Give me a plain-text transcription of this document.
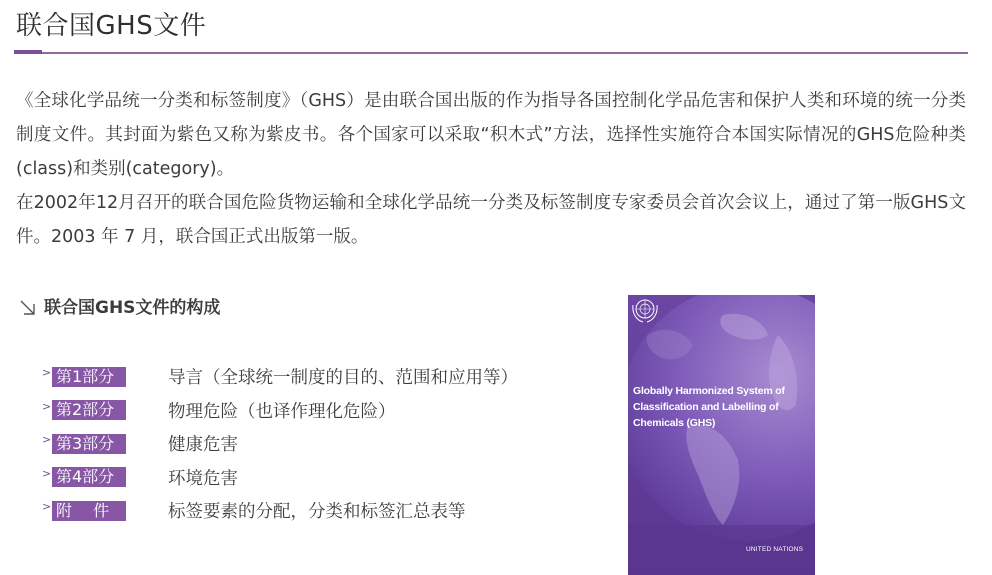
联合国GHS文件

《全球化学品统一分类和标签制度》（GHS）是由联合国出版的作为指导各国控制化学品危害和保护人类和环境的统一分类制度文件。其封面为紫色又称为紫皮书。各个国家可以采取“积木式”方法，选择性实施符合本国实际情况的GHS危险种类(class)和类别(category)。

在2002年12月召开的联合国危险货物运输和全球化学品统一分类及标签制度专家委员会首次会议上，通过了第一版GHS文件。2003 年 7 月，联合国正式出版第一版。

联合国GHS文件的构成
> 第1部分	导言（全球统一制度的目的、范围和应用等）
> 第2部分	物理危险（也译作理化危险）
> 第3部分	健康危害
> 第4部分	环境危害
> 附　 件	标签要素的分配，分类和标签汇总表等
Globally Harmonized System of Classification and Labelling of Chemicals (GHS)
UNITED NATIONS
